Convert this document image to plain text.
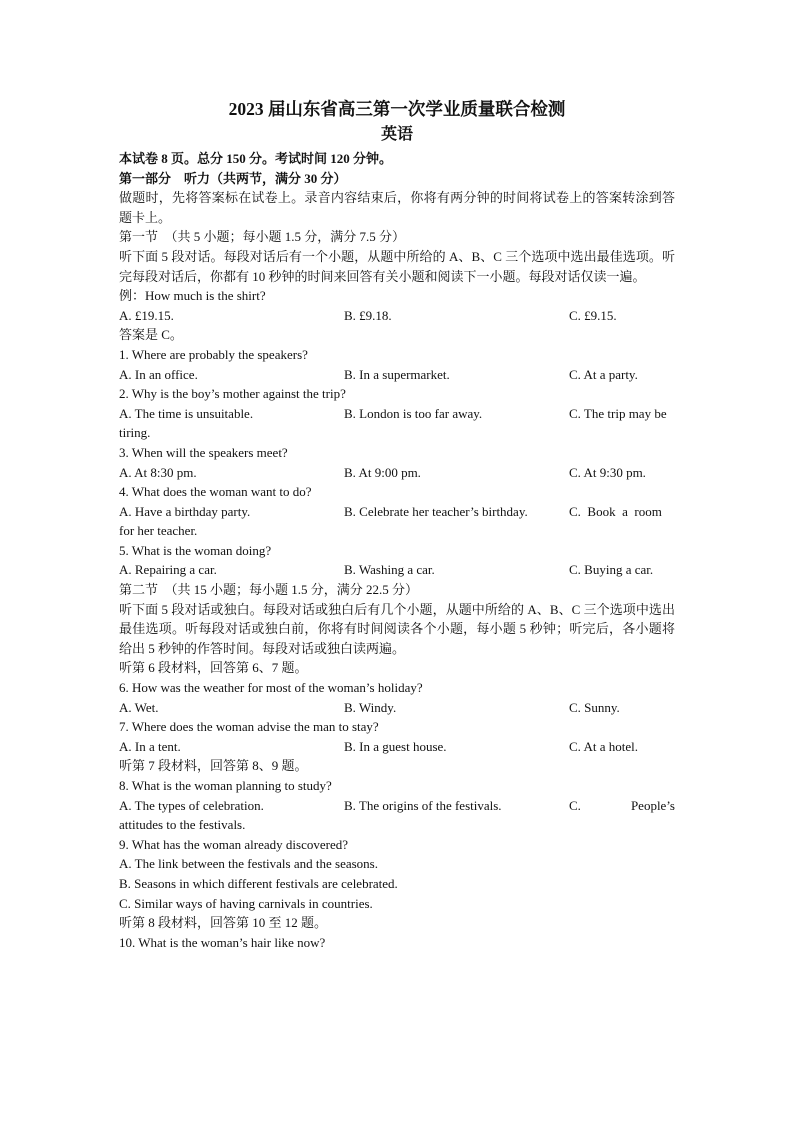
2023 届山东省高三第一次学业质量联合检测
英语
本试卷 8 页。总分 150 分。考试时间 120 分钟。
第一部分　听力（共两节，满分 30 分）
做题时，先将答案标在试卷上。录音内容结束后，你将有两分钟的时间将试卷上的答案转涂到答题卡上。
第一节　（共 5 小题；每小题 1.5 分，满分 7.5 分）
听下面 5 段对话。每段对话后有一个小题，从题中所给的 A、B、C 三个选项中选出最佳选项。听完每段对话后，你都有 10 秒钟的时间来回答有关小题和阅读下一小题。每段对话仅读一遍。
例：How much is the shirt?
A. £19.15.	B. £9.18.	C. £9.15.
答案是 C。
1. Where are probably the speakers?
A. In an office.	B. In a supermarket.	C. At a party.
2. Why is the boy’s mother against the trip?
A. The time is unsuitable.	B. London is too far away.	C. The trip may be
tiring.
3. When will the speakers meet?
A. At 8:30 pm.	B. At 9:00 pm.	C. At 9:30 pm.
4. What does the woman want to do?
A. Have a birthday party.	B. Celebrate her teacher’s birthday.	C.  Book  a  room
for her teacher.
5. What is the woman doing?
A. Repairing a car.	B. Washing a car.	C. Buying a car.
第二节　（共 15 小题；每小题 1.5 分，满分 22.5 分）
听下面 5 段对话或独白。每段对话或独白后有几个小题，从题中所给的 A、B、C 三个选项中选出最佳选项。听每段对话或独白前，你将有时间阅读各个小题，每小题 5 秒钟；听完后，各小题将给出 5 秒钟的作答时间。每段对话或独白读两遍。
听第 6 段材料，回答第 6、7 题。
6. How was the weather for most of the woman’s holiday?
A. Wet.	B. Windy.	C. Sunny.
7. Where does the woman advise the man to stay?
A. In a tent.	B. In a guest house.	C. At a hotel.
听第 7 段材料，回答第 8、9 题。
8. What is the woman planning to study?
A. The types of celebration.	B. The origins of the festivals.	C.	People’s
attitudes to the festivals.
9. What has the woman already discovered?
A. The link between the festivals and the seasons.
B. Seasons in which different festivals are celebrated.
C. Similar ways of having carnivals in countries.
听第 8 段材料，回答第 10 至 12 题。
10. What is the woman’s hair like now?
